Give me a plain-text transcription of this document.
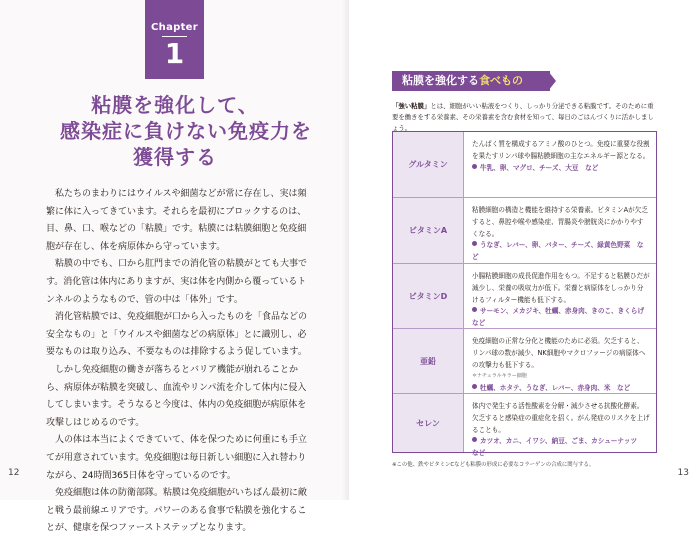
Chapter
1
粘膜を強化して、
感染症に負けない免疫力を
獲得する

私たちのまわりにはウイルスや細菌などが常に存在し、実は頻繁に体に入ってきています。それらを最初にブロックするのは、目、鼻、口、喉などの「粘膜」です。粘膜には粘膜細胞と免疫細胞が存在し、体を病原体から守っています。

粘膜の中でも、口から肛門までの消化管の粘膜がとても大事です。消化管は体内にありますが、実は体を内側から覆っているトンネルのようなもので、管の中は「体外」です。

消化管粘膜では、免疫細胞が口から入ったものを「食品などの安全なもの」と「ウイルスや細菌などの病原体」とに識別し、必要なものは取り込み、不要なものは排除するよう促しています。

しかし免疫細胞の働きが落ちるとバリア機能が崩れることから、病原体が粘膜を突破し、血流やリンパ流を介して体内に侵入してしまいます。そうなると今度は、体内の免疫細胞が病原体を攻撃しはじめるのです。

人の体は本当によくできていて、体を保つために何重にも手立てが用意されています。免疫細胞は毎日新しい細胞に入れ替わりながら、24時間365日体を守っているのです。

免疫細胞は体の防衛部隊。粘膜は免疫細胞がいちばん最初に敵と戦う最前線エリアです。パワーのある食事で粘膜を強化することが、健康を保つファーストステップとなります。

12	13
粘膜を強化する食べもの
「強い粘膜」とは、細胞がいい粘液をつくり、しっかり分泌できる粘膜です。そのために重要を働きをする栄養素、その栄養素を含む食材を知って、毎日のごはんづくりに活かしましょう。
グルタミン
たんぱく質を構成するアミノ酸のひとつ。免疫に重要な役割を果たすリンパ球や腸粘膜細胞の主なエネルギー源となる。
牛乳、卵、マグロ、チーズ、大豆　など
ビタミンA
粘膜細胞の構造と機能を維持する栄養素。ビタミンAが欠乏すると、鼻腔や喉や感染症、胃腸炎や膀胱炎にかかりやすくなる。
うなぎ、レバー、卵、バター、チーズ、緑黄色野菜　など
ビタミンD
小腸粘膜細胞の成長促進作用をもつ。不足すると粘膜ひだが減少し、栄養の吸収力が低下。栄養と病原体をしっかり分けるフィルター機能も低下する。
サーモン、メカジキ、牡蠣、赤身肉、きのこ、きくらげ　など
亜鉛
免疫細胞の正常な分化と機能のために必須。欠乏すると、リンパ球の数が減少、NK細胞やマクロファージの病原体への攻撃力も低下する。
＊ナチュラルキラー細胞
牡蠣、ホタテ、うなぎ、レバー、赤身肉、米　など
セレン
体内で発生する活性酸素を分解・減少させる抗酸化酵素。欠乏すると感染症の重症化を招く。がん発症のリスクを上げることも。
カツオ、カニ、イワシ、納豆、ごま、カシューナッツ　など
※この他、鉄やビタミンCなども粘膜の形成に必要なコラーゲンの合成に関与する。
